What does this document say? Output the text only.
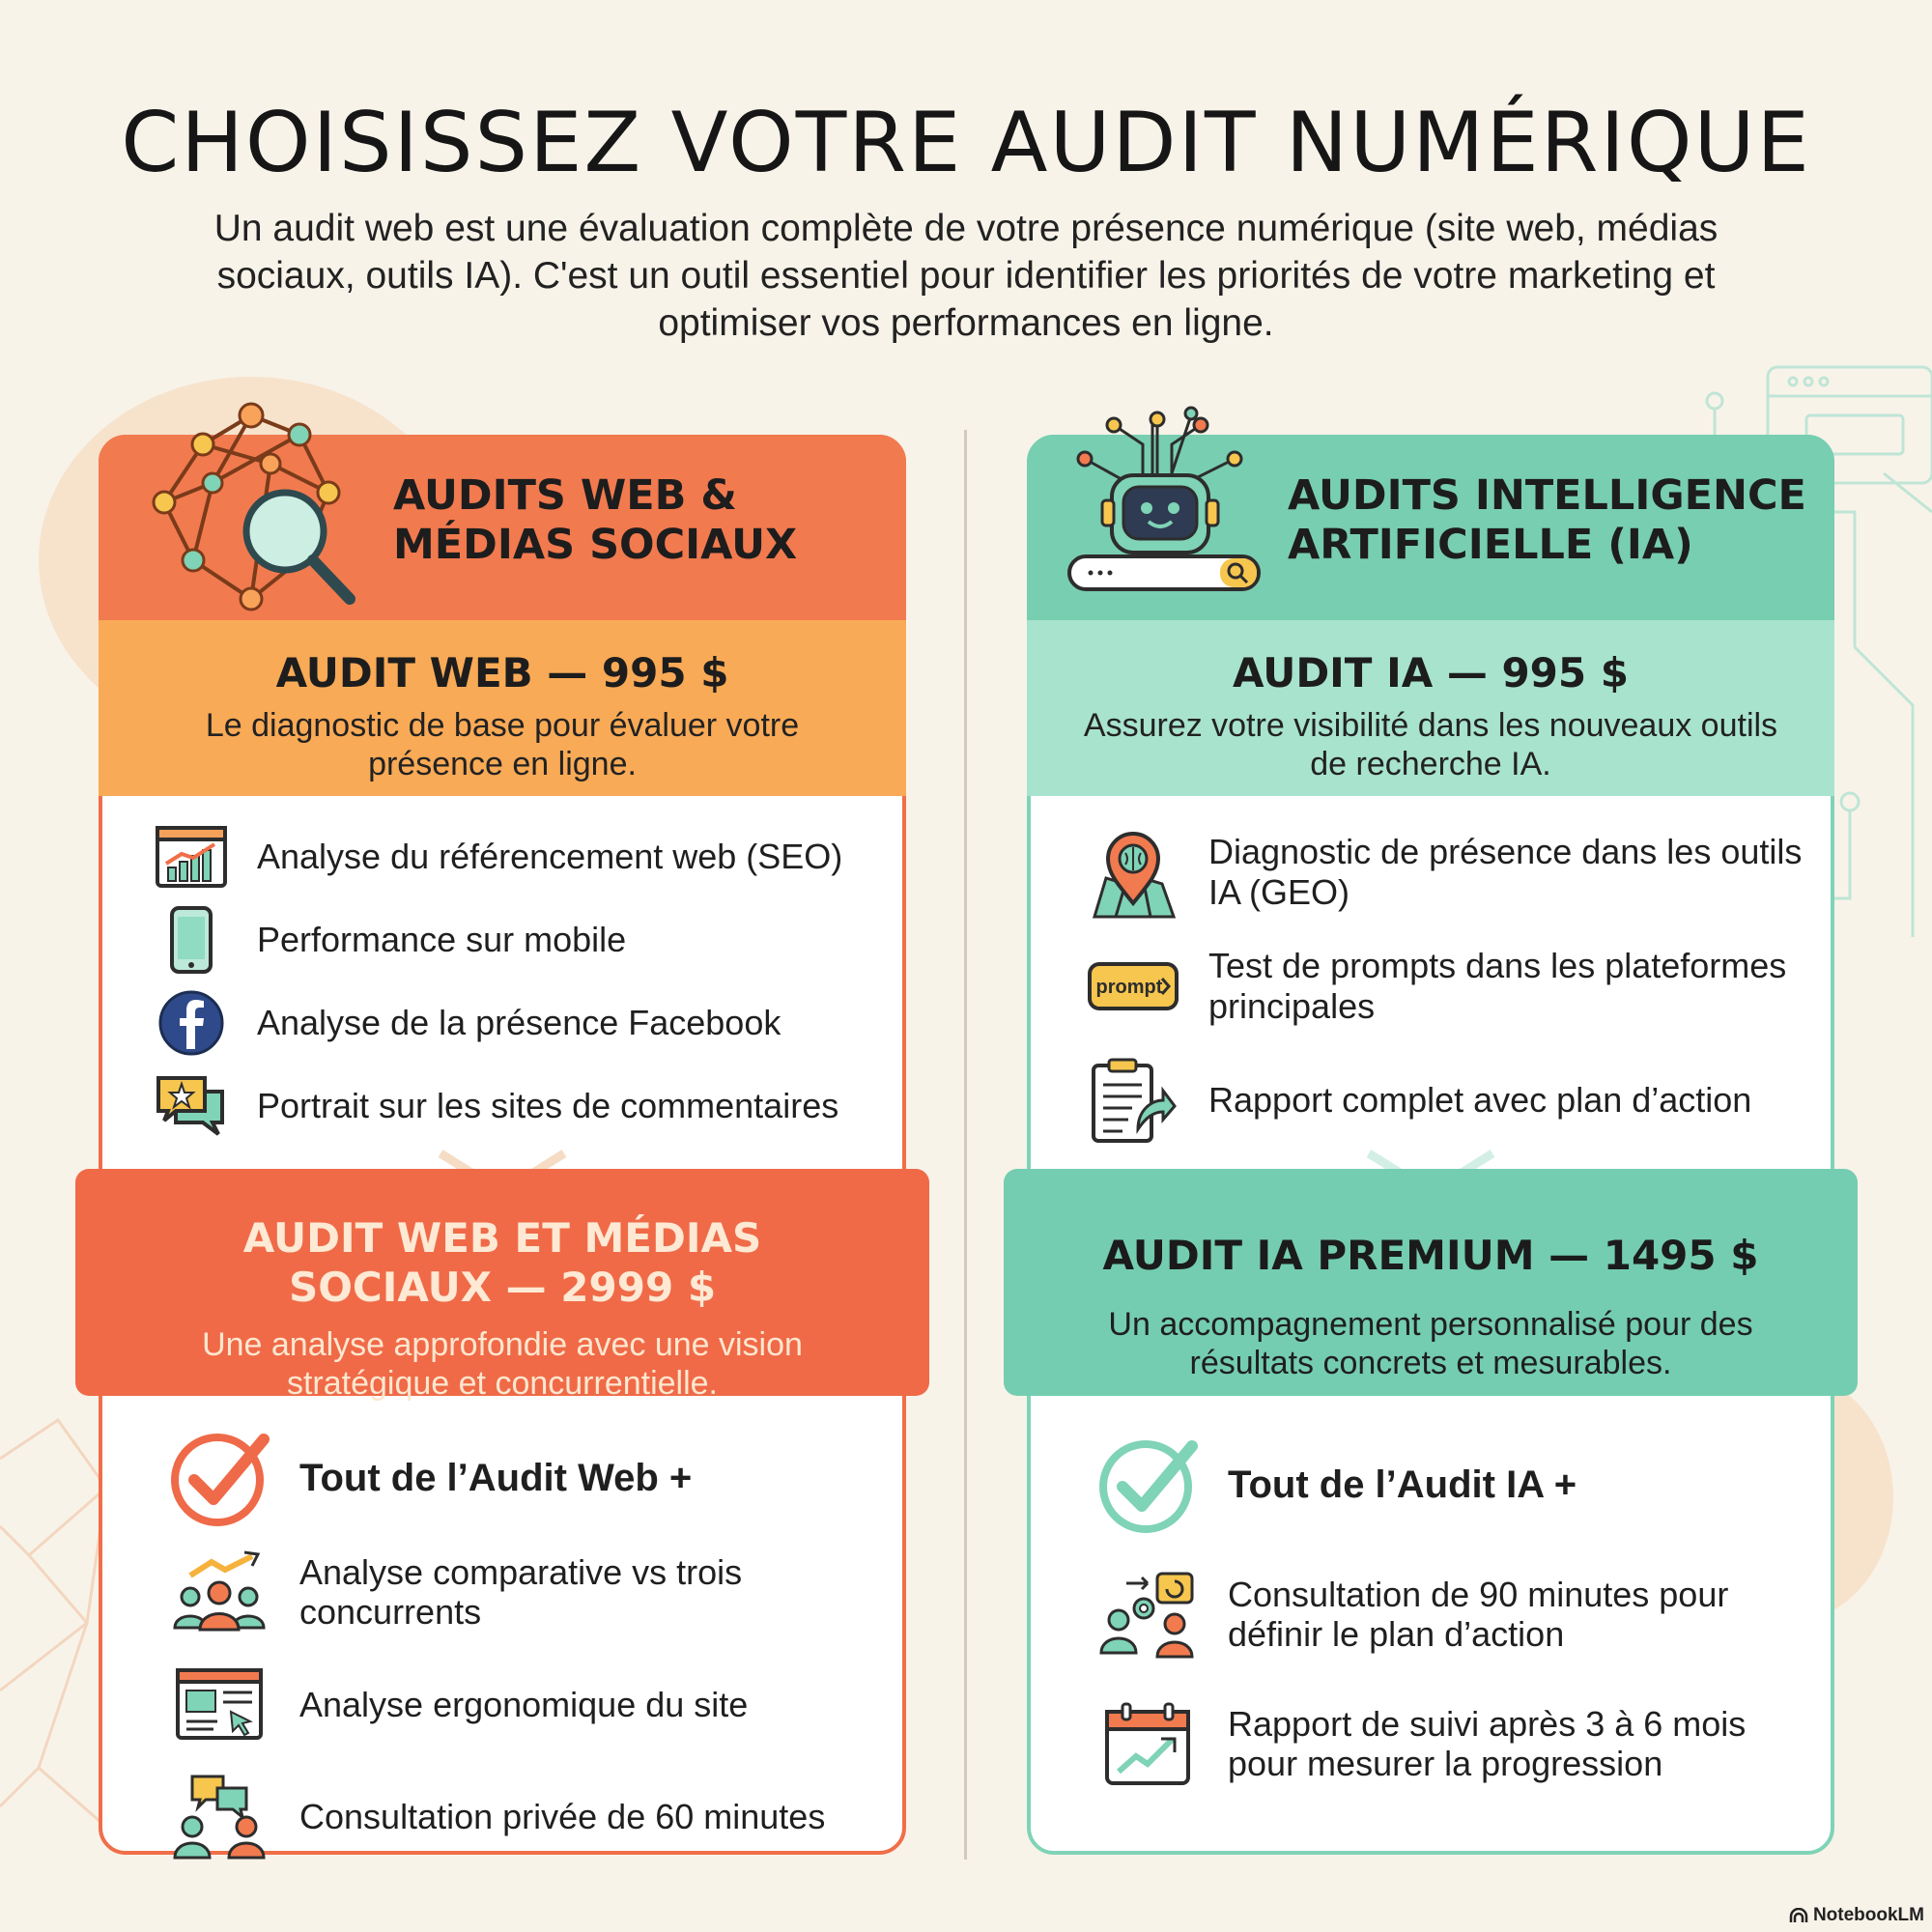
CHOISISSEZ VOTRE AUDIT NUMÉRIQUE
Un audit web est une évaluation complète de votre présence numérique (site web, médias sociaux, outils IA). C'est un outil essentiel pour identifier les priorités de votre marketing et optimiser vos performances en ligne.
AUDITS WEB &
MÉDIAS SOCIAUX
AUDIT WEB — 995 $
Le diagnostic de base pour évaluer votre présence en ligne.
Analyse du référencement web (SEO)
Performance sur mobile
Analyse de la présence Facebook
Portrait sur les sites de commentaires
AUDIT WEB ET MÉDIAS SOCIAUX — 2999 $
Une analyse approfondie avec une vision stratégique et concurrentielle.
Tout de l’Audit Web +
Analyse comparative vs trois concurrents
Analyse ergonomique du site
Consultation privée de 60 minutes
AUDITS INTELLIGENCE
ARTIFICIELLE (IA)
AUDIT IA — 995 $
Assurez votre visibilité dans les nouveaux outils de recherche IA.
Diagnostic de présence dans les outils IA (GEO)
prompt
Test de prompts dans les plateformes principales
Rapport complet avec plan d’action
AUDIT IA PREMIUM — 1495 $
Un accompagnement personnalisé pour des résultats concrets et mesurables.
Tout de l’Audit IA +
Consultation de 90 minutes pour définir le plan d’action
Rapport de suivi après 3 à 6 mois pour mesurer la progression
NotebookLM
